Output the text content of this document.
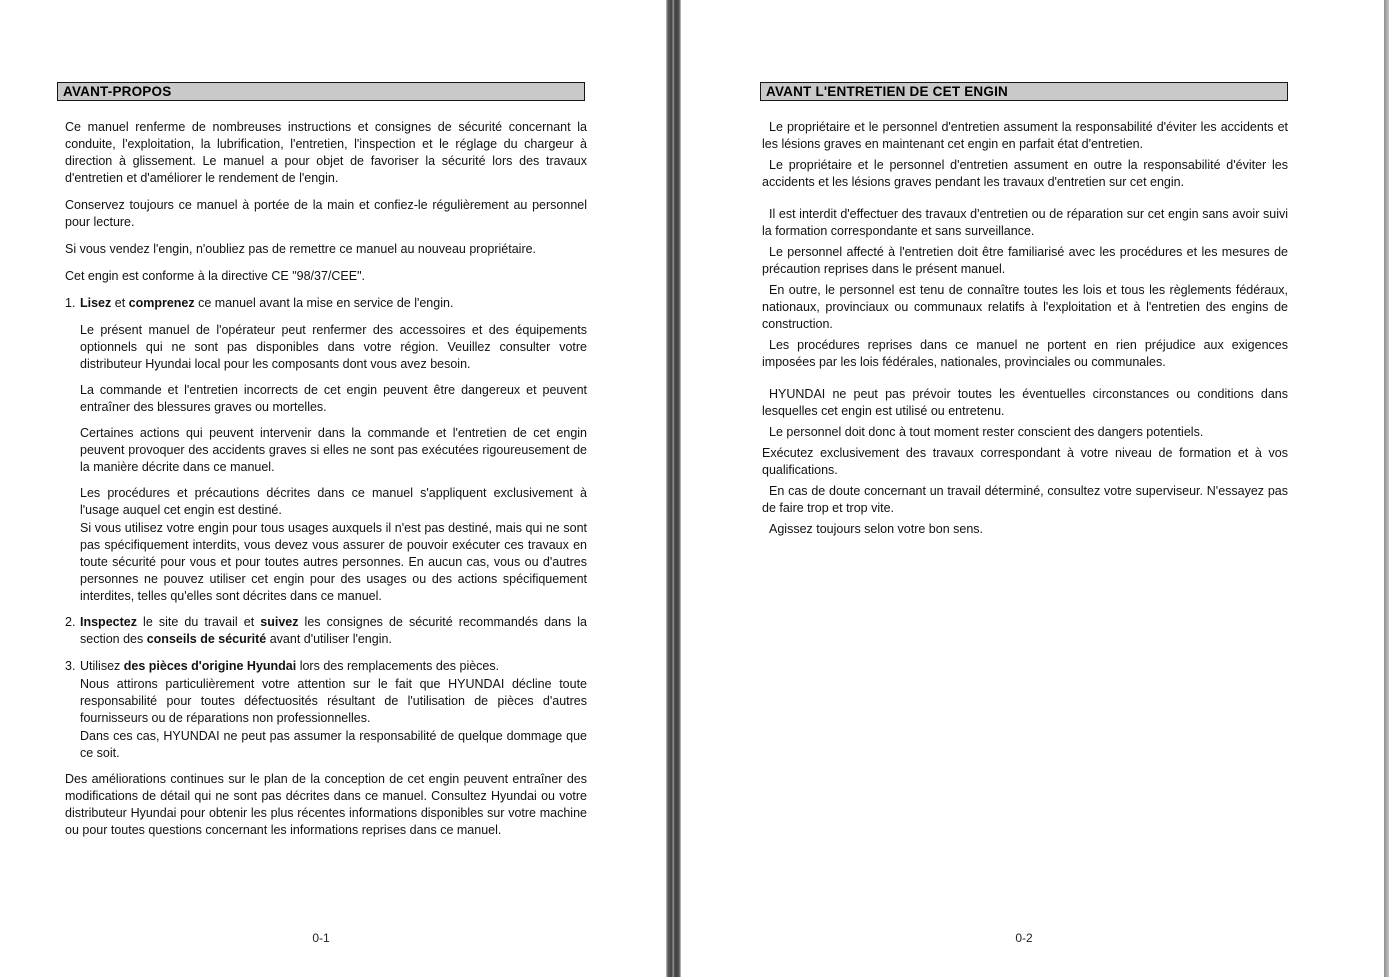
AVANT-PROPOS
Ce manuel renferme de nombreuses instructions et consignes de sécurité concernant la conduite, l'exploitation, la lubrification, l'entretien, l'inspection et le réglage du chargeur à direction à glissement. Le manuel a pour objet de favoriser la sécurité lors des travaux d'entretien et d'améliorer le rendement de l'engin.
Conservez toujours ce manuel à portée de la main et confiez-le régulièrement au personnel pour lecture.
Si vous vendez l'engin, n'oubliez pas de remettre ce manuel au nouveau propriétaire.
Cet engin est conforme à la directive CE "98/37/CEE".
1. Lisez et comprenez ce manuel avant la mise en service de l'engin.
Le présent manuel de l'opérateur peut renfermer des accessoires et des équipements optionnels qui ne sont pas disponibles dans votre région. Veuillez consulter votre distributeur Hyundai local pour les composants dont vous avez besoin.
La commande et l'entretien incorrects de cet engin peuvent être dangereux et peuvent entraîner des blessures graves ou mortelles.
Certaines actions qui peuvent intervenir dans la commande et l'entretien de cet engin peuvent provoquer des accidents graves si elles ne sont pas exécutées rigoureusement de la manière décrite dans ce manuel.
Les procédures et précautions décrites dans ce manuel s'appliquent exclusivement à l'usage auquel cet engin est destiné.
Si vous utilisez votre engin pour tous usages auxquels il n'est pas destiné, mais qui ne sont pas spécifiquement interdits, vous devez vous assurer de pouvoir exécuter ces travaux en toute sécurité pour vous et pour toutes autres personnes. En aucun cas, vous ou d'autres personnes ne pouvez utiliser cet engin pour des usages ou des actions spécifiquement interdites, telles qu'elles sont décrites dans ce manuel.
2. Inspectez le site du travail et suivez les consignes de sécurité recommandés dans la section des conseils de sécurité avant d'utiliser l'engin.
3. Utilisez des pièces d'origine Hyundai lors des remplacements des pièces.
Nous attirons particulièrement votre attention sur le fait que HYUNDAI décline toute responsabilité pour toutes défectuosités résultant de l'utilisation de pièces d'autres fournisseurs ou de réparations non professionnelles.
Dans ces cas, HYUNDAI ne peut pas assumer la responsabilité de quelque dommage que ce soit.
Des améliorations continues sur le plan de la conception de cet engin peuvent entraîner des modifications de détail qui ne sont pas décrites dans ce manuel. Consultez Hyundai ou votre distributeur Hyundai pour obtenir les plus récentes informations disponibles sur votre machine ou pour toutes questions concernant les informations reprises dans ce manuel.
0-1
AVANT L'ENTRETIEN DE CET ENGIN
Le propriétaire et le personnel d'entretien assument la responsabilité d'éviter les accidents et les lésions graves en maintenant cet engin en parfait état d'entretien.
Le propriétaire et le personnel d'entretien assument en outre la responsabilité d'éviter les accidents et les lésions graves pendant les travaux d'entretien sur cet engin.
Il est interdit d'effectuer des travaux d'entretien ou de réparation sur cet engin sans avoir suivi la formation correspondante et sans surveillance.
Le personnel affecté à l'entretien doit être familiarisé avec les procédures et les mesures de précaution reprises dans le présent manuel.
En outre, le personnel est tenu de connaître toutes les lois et tous les règlements fédéraux, nationaux, provinciaux ou communaux relatifs à l'exploitation et à l'entretien des engins de construction.
Les procédures reprises dans ce manuel ne portent en rien préjudice aux exigences imposées par les lois fédérales, nationales, provinciales ou communales.
HYUNDAI ne peut pas prévoir toutes les éventuelles circonstances ou conditions dans lesquelles cet engin est utilisé ou entretenu.
Le personnel doit donc à tout moment rester conscient des dangers potentiels.
Exécutez exclusivement des travaux correspondant à votre niveau de formation et à vos qualifications.
En cas de doute concernant un travail déterminé, consultez votre superviseur. N'essayez pas de faire trop et trop vite.
Agissez toujours selon votre bon sens.
0-2
